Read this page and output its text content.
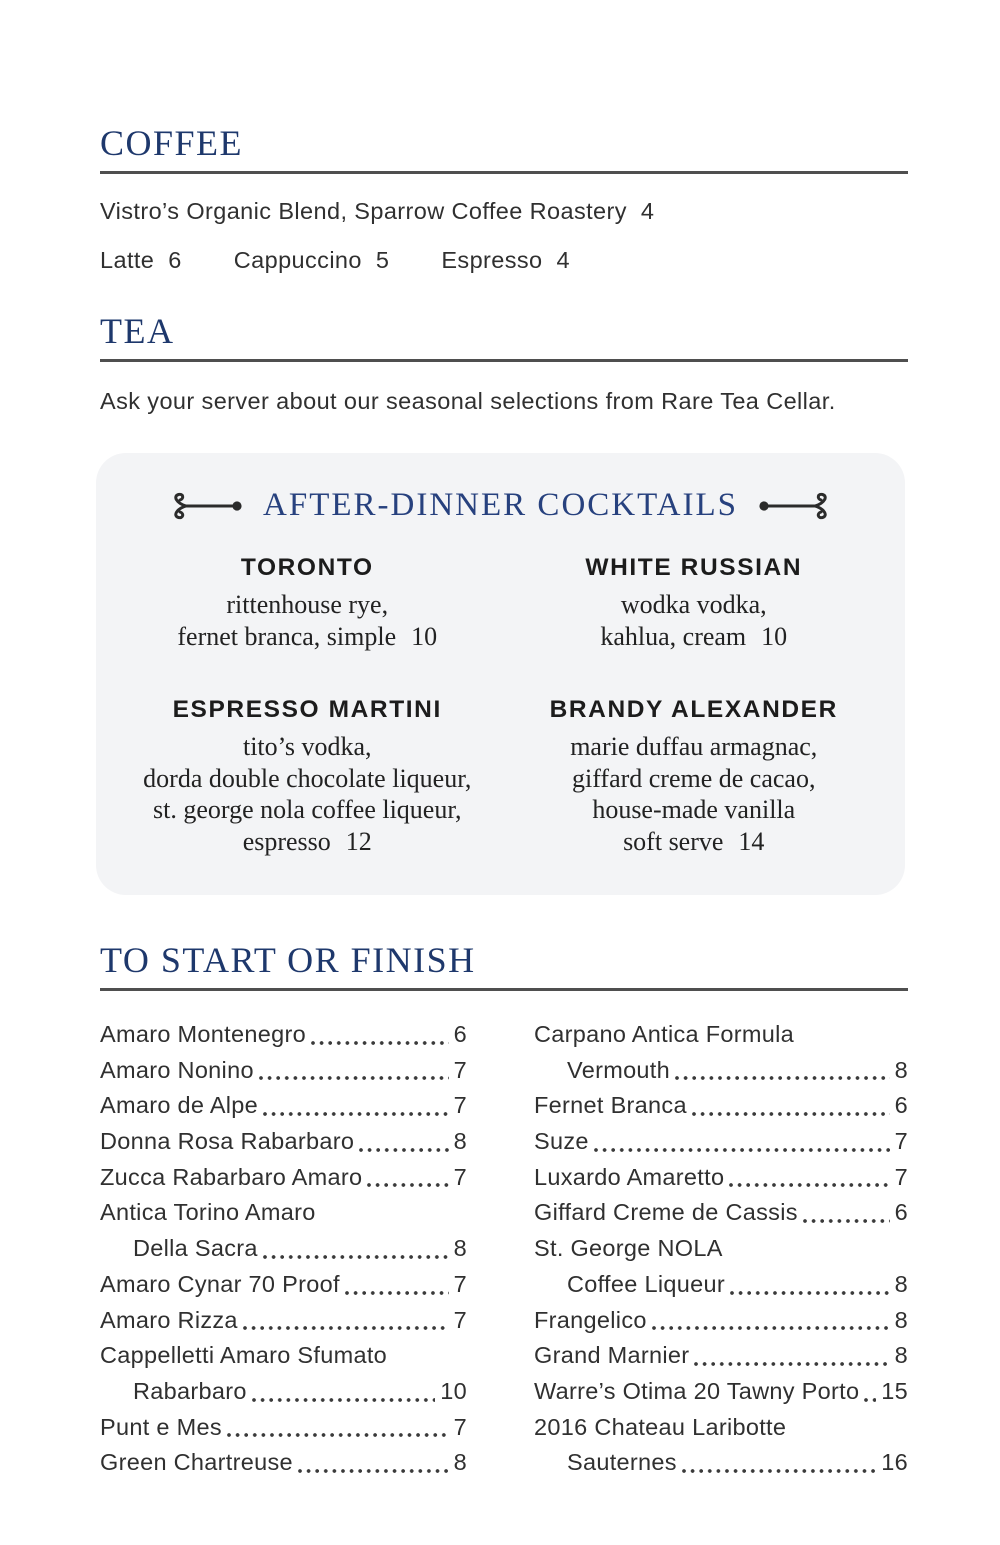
COFFEE
Vistro’s Organic Blend, Sparrow Coffee Roastery 4
Latte 6 Cappuccino 5 Espresso 4
TEA
Ask your server about our seasonal selections from Rare Tea Cellar.
AFTER-DINNER COCKTAILS
TORONTO
rittenhouse rye,
fernet branca, simple 10
WHITE RUSSIAN
wodka vodka,
kahlua, cream 10
ESPRESSO MARTINI
tito’s vodka,
dorda double chocolate liqueur,
st. george nola coffee liqueur,
espresso 12
BRANDY ALEXANDER
marie duffau armagnac,
giffard creme de cacao,
house-made vanilla
soft serve 14
TO START OR FINISH
Amaro Montenegro	6
Amaro Nonino	7
Amaro de Alpe	7
Donna Rosa Rabarbaro	8
Zucca Rabarbaro Amaro	7
Antica Torino Amaro
Della Sacra	8
Amaro Cynar 70 Proof	7
Amaro Rizza	7
Cappelletti Amaro Sfumato
Rabarbaro	10
Punt e Mes	7
Green Chartreuse	8
Carpano Antica Formula
Vermouth	8
Fernet Branca	6
Suze	7
Luxardo Amaretto	7
Giffard Creme de Cassis	6
St. George NOLA
Coffee Liqueur	8
Frangelico	8
Grand Marnier	8
Warre’s Otima 20 Tawny Porto 15
2016 Chateau Laribotte
Sauternes	16
